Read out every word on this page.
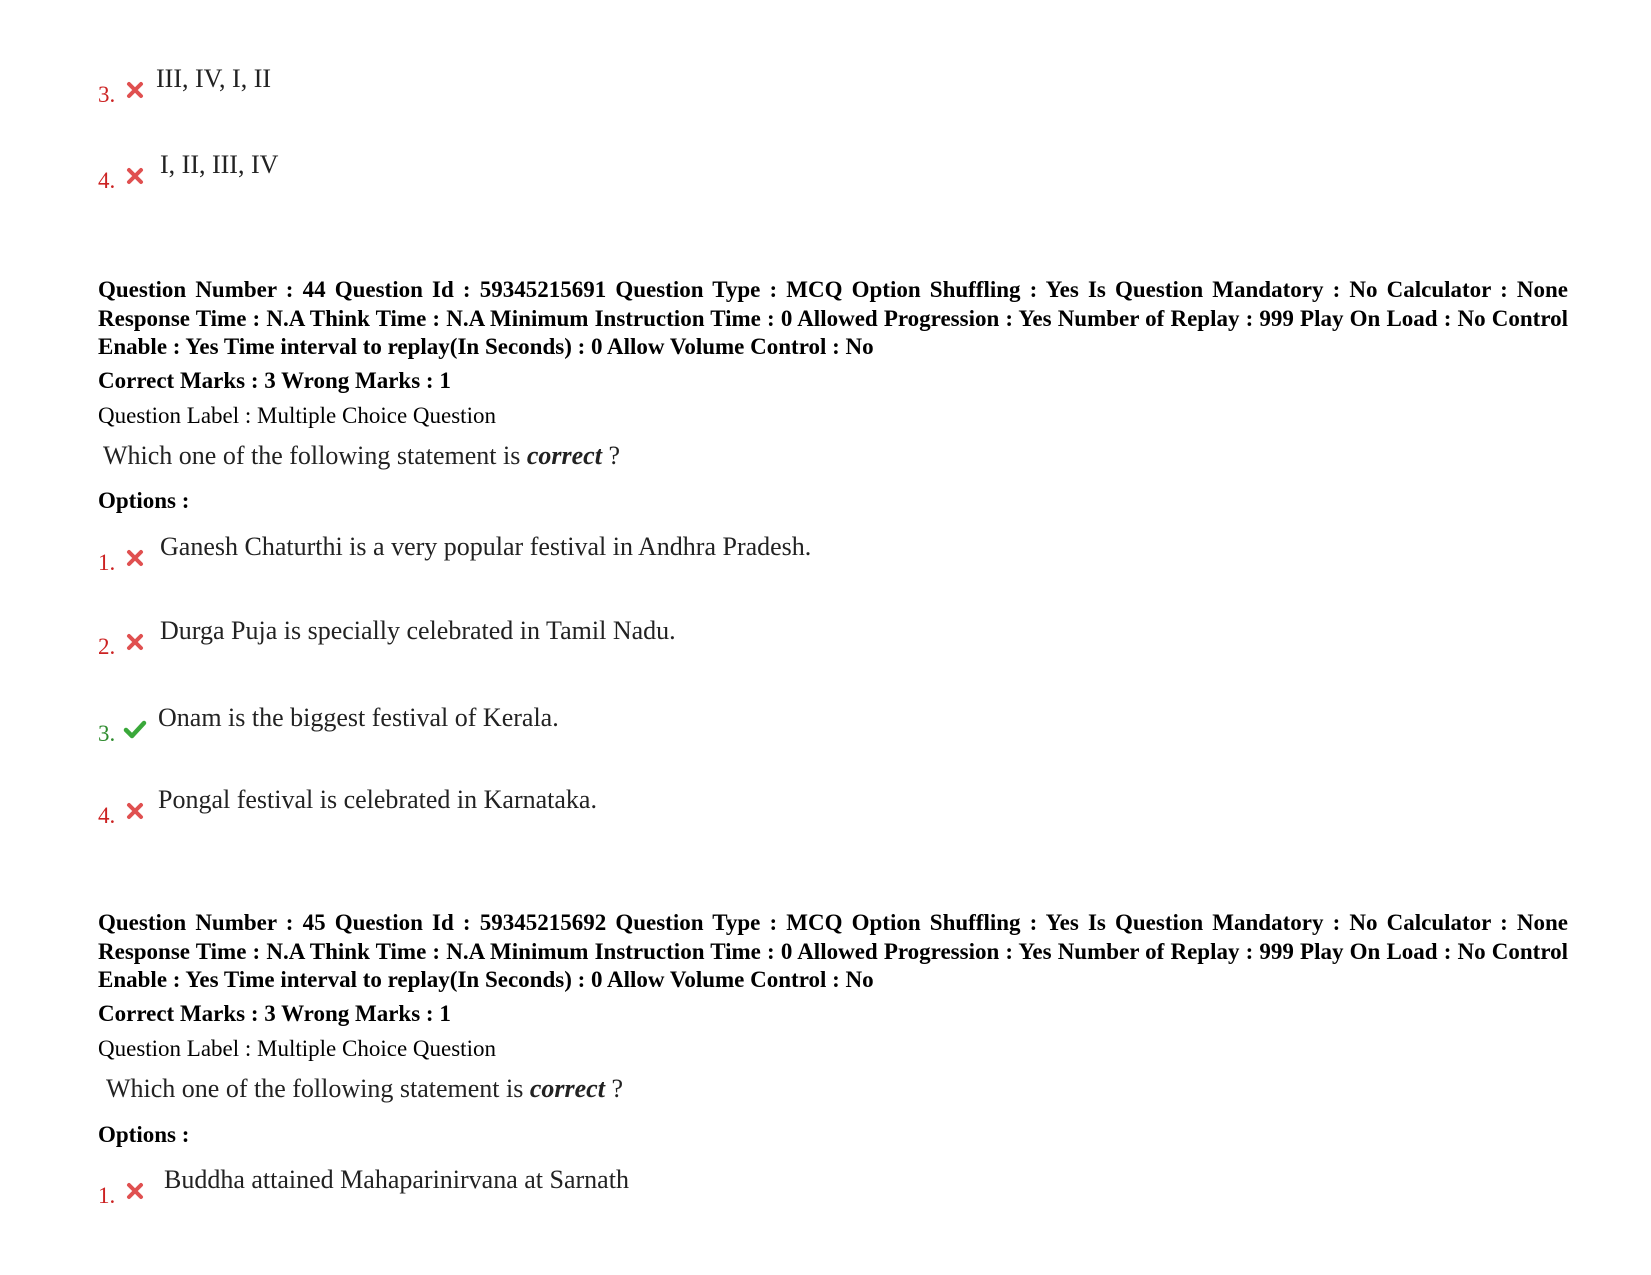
3.
III, IV, I, II
4.
I, II, III, IV
Question Number : 44 Question Id : 59345215691 Question Type : MCQ Option Shuffling : Yes Is Question Mandatory : No Calculator : None Response Time : N.A Think Time : N.A Minimum Instruction Time : 0 Allowed Progression : Yes Number of Replay : 999 Play On Load : No Control Enable : Yes Time interval to replay(In Seconds) : 0 Allow Volume Control : No
Correct Marks : 3 Wrong Marks : 1
Question Label : Multiple Choice Question
Which one of the following statement is correct ?
Options :
1.
Ganesh Chaturthi is a very popular festival in Andhra Pradesh.
2.
Durga Puja is specially celebrated in Tamil Nadu.
3.
Onam is the biggest festival of Kerala.
4.
Pongal festival is celebrated in Karnataka.
Question Number : 45 Question Id : 59345215692 Question Type : MCQ Option Shuffling : Yes Is Question Mandatory : No Calculator : None Response Time : N.A Think Time : N.A Minimum Instruction Time : 0 Allowed Progression : Yes Number of Replay : 999 Play On Load : No Control Enable : Yes Time interval to replay(In Seconds) : 0 Allow Volume Control : No
Correct Marks : 3 Wrong Marks : 1
Question Label : Multiple Choice Question
Which one of the following statement is correct ?
Options :
1.
Buddha attained Mahaparinirvana at Sarnath
